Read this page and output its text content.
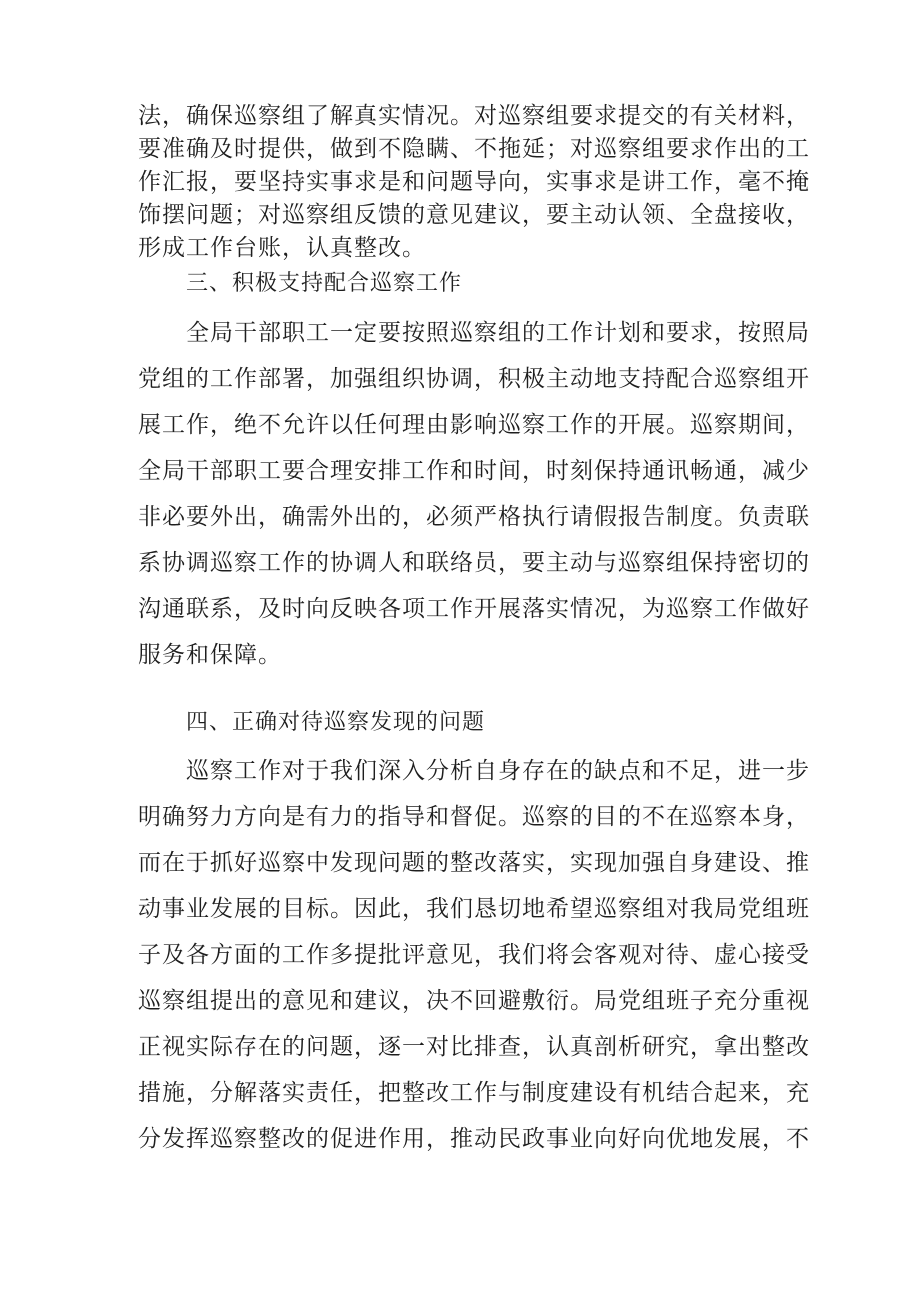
法，确保巡察组了解真实情况。对巡察组要求提交的有关材料，
要准确及时提供，做到不隐瞒、不拖延；对巡察组要求作出的工
作汇报，要坚持实事求是和问题导向，实事求是讲工作，毫不掩
饰摆问题；对巡察组反馈的意见建议，要主动认领、全盘接收，
形成工作台账，认真整改。
三、积极支持配合巡察工作
全局干部职工一定要按照巡察组的工作计划和要求，按照局
党组的工作部署，加强组织协调，积极主动地支持配合巡察组开
展工作，绝不允许以任何理由影响巡察工作的开展。巡察期间，
全局干部职工要合理安排工作和时间，时刻保持通讯畅通，减少
非必要外出，确需外出的，必须严格执行请假报告制度。负责联
系协调巡察工作的协调人和联络员，要主动与巡察组保持密切的
沟通联系，及时向反映各项工作开展落实情况，为巡察工作做好
服务和保障。
四、正确对待巡察发现的问题
巡察工作对于我们深入分析自身存在的缺点和不足，进一步
明确努力方向是有力的指导和督促。巡察的目的不在巡察本身，
而在于抓好巡察中发现问题的整改落实，实现加强自身建设、推
动事业发展的目标。因此，我们恳切地希望巡察组对我局党组班
子及各方面的工作多提批评意见，我们将会客观对待、虚心接受
巡察组提出的意见和建议，决不回避敷衍。局党组班子充分重视
正视实际存在的问题，逐一对比排查，认真剖析研究，拿出整改
措施，分解落实责任，把整改工作与制度建设有机结合起来，充
分发挥巡察整改的促进作用，推动民政事业向好向优地发展，不
